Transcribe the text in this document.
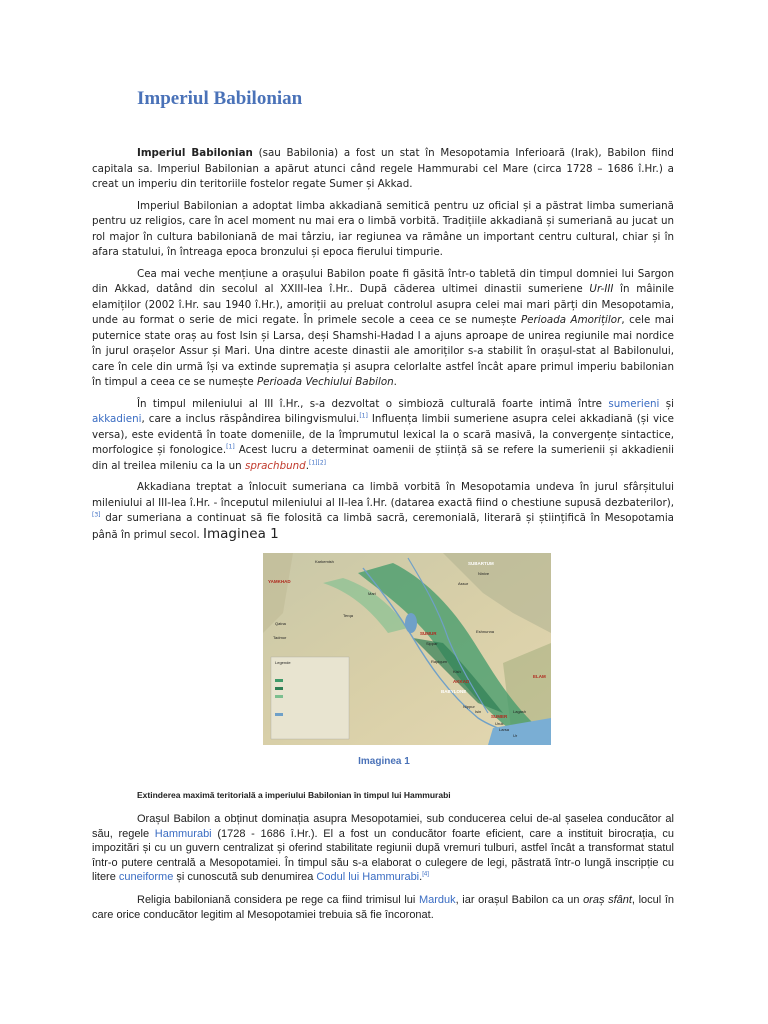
Imperiul Babilonian

Imperiul Babilonian (sau Babilonia) a fost un stat în Mesopotamia Inferioară (Irak), Babilon fiind capitala sa. Imperiul Babilonian a apărut atunci când regele Hammurabi cel Mare (circa 1728 – 1686 î.Hr.) a creat un imperiu din teritoriile fostelor regate Sumer și Akkad.

Imperiul Babilonian a adoptat limba akkadiană semitică pentru uz oficial și a păstrat limba sumeriană pentru uz religios, care în acel moment nu mai era o limbă vorbită. Tradițiile akkadiană și sumeriană au jucat un rol major în cultura babiloniană de mai târziu, iar regiunea va rămâne un important centru cultural, chiar și în afara statului, în întreaga epoca bronzului și epoca fierului timpurie.

Cea mai veche mențiune a orașului Babilon poate fi găsită într-o tabletă din timpul domniei lui Sargon din Akkad, datând din secolul al XXIII-lea î.Hr.. După căderea ultimei dinastii sumeriene Ur-III în mâinile elamiților (2002 î.Hr. sau 1940 î.Hr.), amoriții au preluat controlul asupra celei mai mari părți din Mesopotamia, unde au format o serie de mici regate. În primele secole a ceea ce se numește Perioada Amoriților, cele mai puternice state oraș au fost Isin și Larsa, deși Shamshi-Hadad I a ajuns aproape de unirea regiunile mai nordice în jurul orașelor Assur și Mari. Una dintre aceste dinastii ale amoriților s-a stabilit în orașul-stat al Babilonului, care în cele din urmă își va extinde supremația și asupra celorlalte astfel încât apare primul imperiu babilonian în timpul a ceea ce se numește Perioada Vechiului Babilon.

În timpul mileniului al III î.Hr., s-a dezvoltat o simbioză culturală foarte intimă între sumerieni și akkadieni, care a inclus răspândirea bilingvismului.[1] Influența limbii sumeriene asupra celei akkadiană (și vice versa), este evidentă în toate domeniile, de la împrumutul lexical la o scară masivă, la convergențe sintactice, morfologice și fonologice.[1] Acest lucru a determinat oamenii de știință să se refere la sumerienii și akkadienii din al treilea mileniu ca la un sprachbund.[1][2]

Akkadiana treptat a înlocuit sumeriana ca limbă vorbită în Mesopotamia undeva în jurul sfârșitului mileniului al III-lea î.Hr. - începutul mileniului al II-lea î.Hr. (datarea exactă fiind o chestiune supusă dezbaterilor),[3] dar sumeriana a continuat să fie folosită ca limbă sacră, ceremonială, literară și științifică în Mesopotamia până în primul secol. Imaginea 1

Legende
Karkemish	SUBARTUM
Ninive
Assur
YAMKHAD
Mari
Terqa
Qatna
Tadmor
SUMUR
Sippar
Eshnunna
Rapiqum
AKKAD
Kish
BABYLONE
Nippur
Isin
SUMER
Uruk
Larsa
Ur
ELAM
Lagash
Imaginea 1
Extinderea maximă teritorială a imperiului Babilonian în timpul lui Hammurabi

Orașul Babilon a obținut dominația asupra Mesopotamiei, sub conducerea celui de-al șaselea conducător al său, regele Hammurabi (1728 - 1686 î.Hr.). El a fost un conducător foarte eficient, care a instituit birocrația, cu impozitări și cu un guvern centralizat și oferind stabilitate regiunii după vremuri tulburi, astfel încât a transformat statul într-o putere centrală a Mesopotamiei. În timpul său s-a elaborat o culegere de legi, păstrată într-o lungă inscripție cu litere cuneiforme și cunoscută sub denumirea Codul lui Hammurabi.[4]

Religia babiloniană considera pe rege ca fiind trimisul lui Marduk, iar orașul Babilon ca un oraș sfânt, locul în care orice conducător legitim al Mesopotamiei trebuia să fie încoronat.
